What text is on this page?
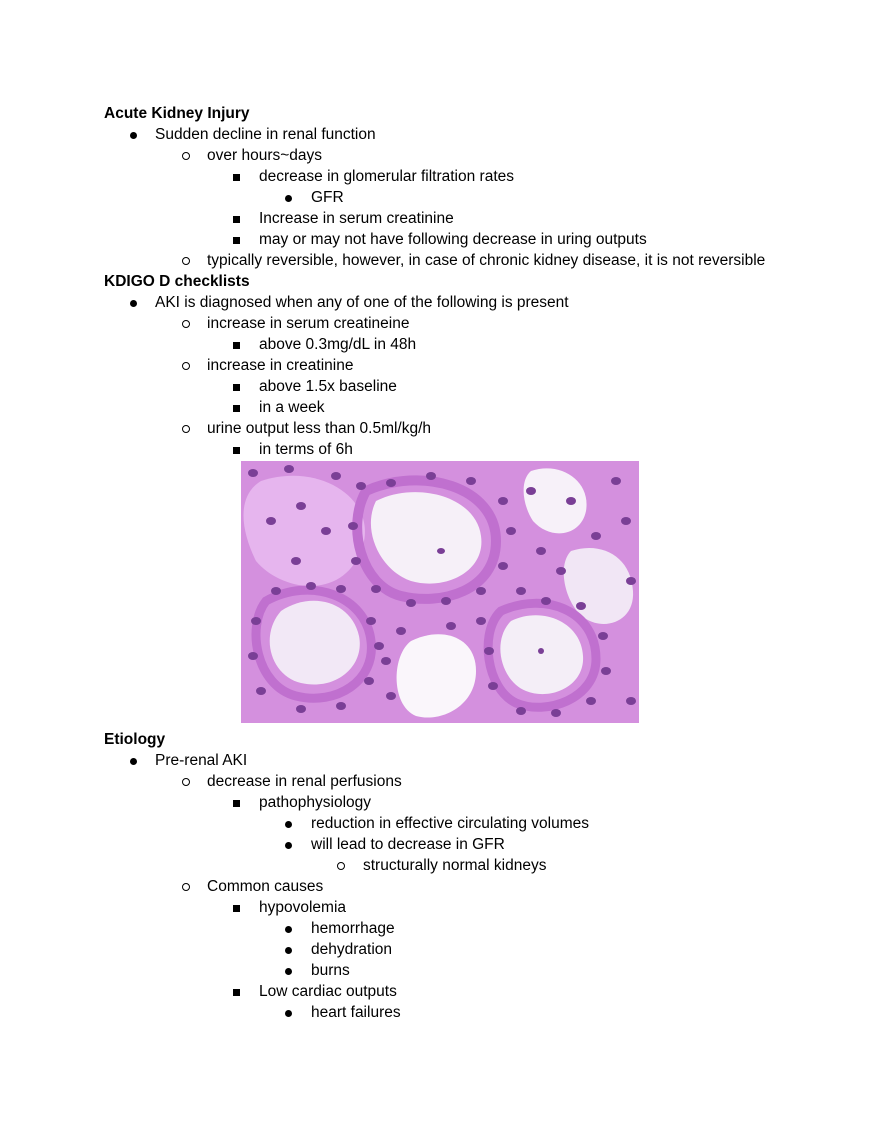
Acute Kidney Injury
Sudden decline in renal function
over hours~days
decrease in glomerular filtration rates
GFR
Increase in serum creatinine
may or may not have following decrease in uring outputs
typically reversible, however, in case of chronic kidney disease, it is not reversible
KDIGO D checklists
AKI is diagnosed when any of one of the following is present
increase in serum creatineine
above 0.3mg/dL in 48h
increase in creatinine
above 1.5x baseline
in a week
urine output less than 0.5ml/kg/h
in terms of 6h
Etiology
Pre-renal AKI
decrease in renal perfusions
pathophysiology
reduction in effective circulating volumes
will lead to decrease in GFR
structurally normal kidneys
Common causes
hypovolemia
hemorrhage
dehydration
burns
Low cardiac outputs
heart failures
